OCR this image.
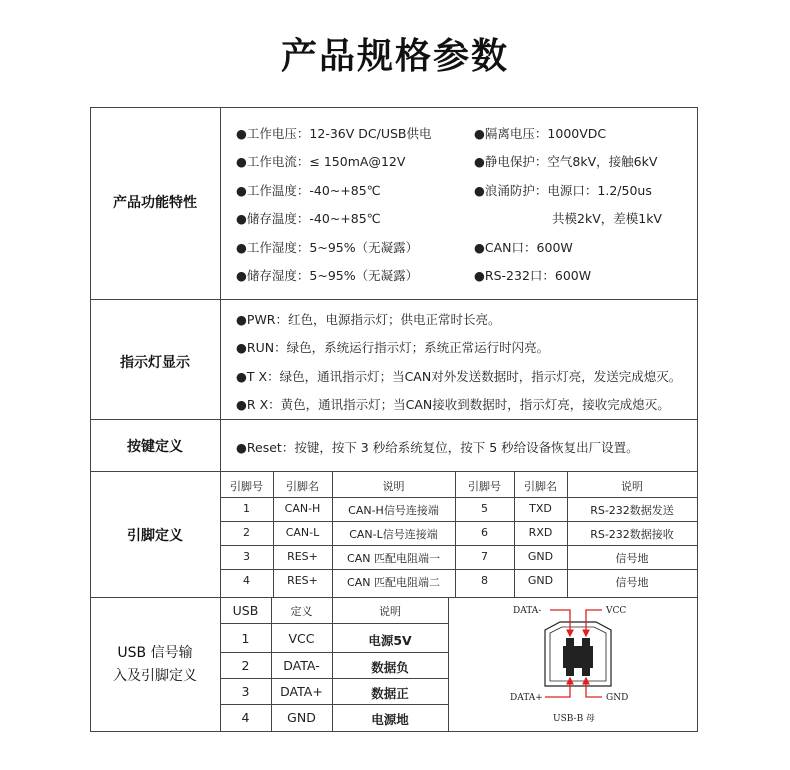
产品规格参数
产品功能特性
●工作电压：12-36V DC/USB供电
●工作电流：≤ 150mA@12V
●工作温度：-40~+85℃
●储存温度：-40~+85℃
●工作湿度：5~95%（无凝露）
●储存湿度：5~95%（无凝露）
●隔离电压：1000VDC
●静电保护：空气8kV，接触6kV
●浪涌防护：电源口：1.2/50us
共模2kV，差模1kV
●CAN口：600W
●RS-232口：600W
指示灯显示
●PWR：红色，电源指示灯；供电正常时长亮。
●RUN：绿色，系统运行指示灯；系统正常运行时闪亮。
●T X：绿色，通讯指示灯；当CAN对外发送数据时，指示灯亮，发送完成熄灭。
●R X：黄色，通讯指示灯；当CAN接收到数据时，指示灯亮，接收完成熄灭。
按键定义	●Reset：按键，按下 3 秒给系统复位，按下 5 秒给设备恢复出厂设置。
引脚定义
引脚号	引脚名	说明	引脚号	引脚名	说明
1	CAN-H	CAN-H信号连接端	5	TXD	RS-232数据发送
2	CAN-L	CAN-L信号连接端	6	RXD	RS-232数据接收
3	RES+	CAN 匹配电阻端一	7	GND	信号地
4	RES+	CAN 匹配电阻端二	8	GND	信号地
USB 信号输
入及引脚定义
USB	定义	说明
1	VCC	电源5V
2	DATA-	数据负
3	DATA+	数据正
4	GND	电源地
DATA-	VCC
DATA+	GND
USB-B 母
